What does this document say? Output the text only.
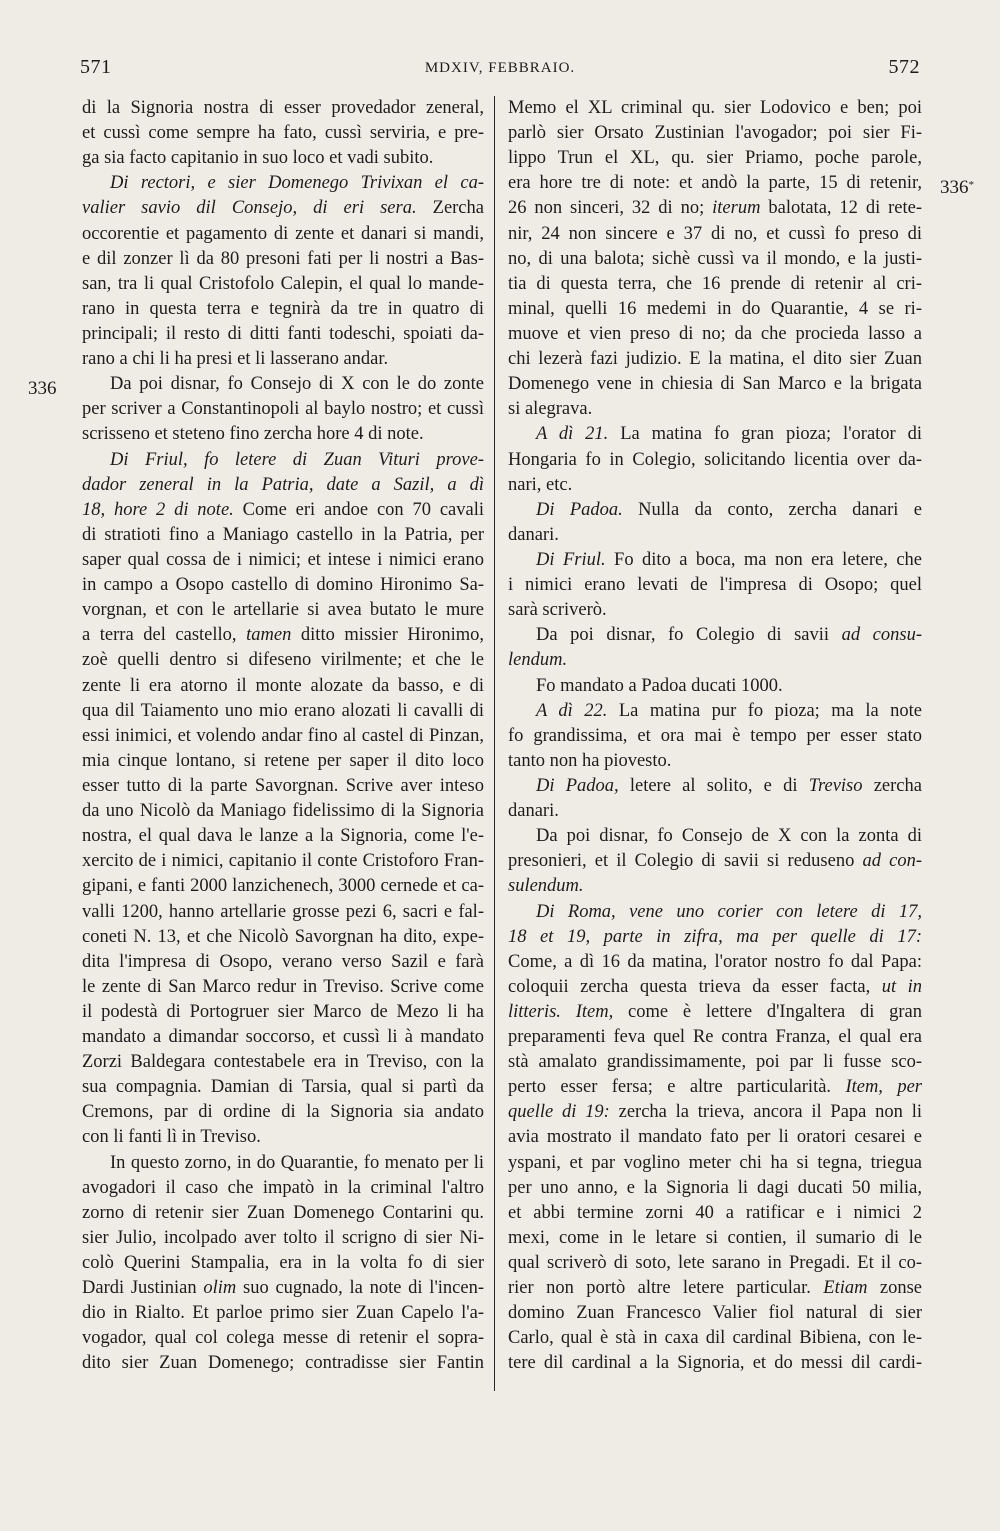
571	MDXIV, FEBBRAIO.	572
336
336*
di la Signoria nostra di esser provedador zeneral,
et cussì come sempre ha fato, cussì serviria, e pre-
ga sia facto capitanio in suo loco et vadi subito.
Di rectori, e sier Domenego Trivixan el ca-
valier savio dil Consejo, di eri sera. Zercha
occorentie et pagamento di zente et danari si mandi,
e dil zonzer lì da 80 presoni fati per li nostri a Bas-
san, tra li qual Cristofolo Calepin, el qual lo mande-
rano in questa terra e tegnirà da tre in quatro di
principali; il resto di ditti fanti todeschi, spoiati da-
rano a chi li ha presi et li lasserano andar.
Da poi disnar, fo Consejo di X con le do zonte
per scriver a Constantinopoli al baylo nostro; et cussì
scrisseno et steteno fino zercha hore 4 di note.
Di Friul, fo letere di Zuan Vituri prove-
dador zeneral in la Patria, date a Sazil, a dì
18, hore 2 di note. Come eri andoe con 70 cavali
di stratioti fino a Maniago castello in la Patria, per
saper qual cossa de i nimici; et intese i nimici erano
in campo a Osopo castello di domino Hironimo Sa-
vorgnan, et con le artellarie si avea butato le mure
a terra del castello, tamen ditto missier Hironimo,
zoè quelli dentro si difeseno virilmente; et che le
zente li era atorno il monte alozate da basso, e di
qua dil Taiamento uno mio erano alozati li cavalli di
essi inimici, et volendo andar fino al castel di Pinzan,
mia cinque lontano, si retene per saper il dito loco
esser tutto di la parte Savorgnan. Scrive aver inteso
da uno Nicolò da Maniago fidelissimo di la Signoria
nostra, el qual dava le lanze a la Signoria, come l'e-
xercito de i nimici, capitanio il conte Cristoforo Fran-
gipani, e fanti 2000 lanzichenech, 3000 cernede et ca-
valli 1200, hanno artellarie grosse pezi 6, sacri e fal-
coneti N. 13, et che Nicolò Savorgnan ha dito, expe-
dita l'impresa di Osopo, verano verso Sazil e farà
le zente di San Marco redur in Treviso. Scrive come
il podestà di Portogruer sier Marco de Mezo li ha
mandato a dimandar soccorso, et cussì li à mandato
Zorzi Baldegara contestabele era in Treviso, con la
sua compagnia. Damian di Tarsia, qual si partì da
Cremons, par di ordine di la Signoria sia andato
con li fanti lì in Treviso.
In questo zorno, in do Quarantie, fo menato per li
avogadori il caso che impatò in la criminal l'altro
zorno di retenir sier Zuan Domenego Contarini qu.
sier Julio, incolpado aver tolto il scrigno di sier Ni-
colò Querini Stampalia, era in la volta fo di sier
Dardi Justinian olim suo cugnado, la note di l'incen-
dio in Rialto. Et parloe primo sier Zuan Capelo l'a-
vogador, qual col colega messe di retenir el sopra-
dito sier Zuan Domenego; contradisse sier Fantin
Memo el XL criminal qu. sier Lodovico e ben; poi
parlò sier Orsato Zustinian l'avogador; poi sier Fi-
lippo Trun el XL, qu. sier Priamo, poche parole,
era hore tre di note: et andò la parte, 15 di retenir,
26 non sinceri, 32 di no; iterum balotata, 12 di rete-
nir, 24 non sincere e 37 di no, et cussì fo preso di
no, di una balota; sichè cussì va il mondo, e la justi-
tia di questa terra, che 16 prende di retenir al cri-
minal, quelli 16 medemi in do Quarantie, 4 se ri-
muove et vien preso di no; da che procieda lasso a
chi lezerà fazi judizio. E la matina, el dito sier Zuan
Domenego vene in chiesia di San Marco e la brigata
si alegrava.
A dì 21. La matina fo gran pioza; l'orator di
Hongaria fo in Colegio, solicitando licentia over da-
nari, etc.
Di Padoa. Nulla da conto, zercha danari e
danari.
Di Friul. Fo dito a boca, ma non era letere, che
i nimici erano levati de l'impresa di Osopo; quel
sarà scriverò.
Da poi disnar, fo Colegio di savii ad consu-
lendum.
Fo mandato a Padoa ducati 1000.
A dì 22. La matina pur fo pioza; ma la note
fo grandissima, et ora mai è tempo per esser stato
tanto non ha piovesto.
Di Padoa, letere al solito, e di Treviso zercha
danari.
Da poi disnar, fo Consejo de X con la zonta di
presonieri, et il Colegio di savii si reduseno ad con-
sulendum.
Di Roma, vene uno corier con letere di 17,
18 et 19, parte in zifra, ma per quelle di 17:
Come, a dì 16 da matina, l'orator nostro fo dal Papa:
coloquii zercha questa trieva da esser facta, ut in
litteris. Item, come è lettere d'Ingaltera di gran
preparamenti feva quel Re contra Franza, el qual era
stà amalato grandissimamente, poi par li fusse sco-
perto esser fersa; e altre particularità. Item, per
quelle di 19: zercha la trieva, ancora il Papa non li
avia mostrato il mandato fato per li oratori cesarei e
yspani, et par voglino meter chi ha si tegna, triegua
per uno anno, e la Signoria li dagi ducati 50 milia,
et abbi termine zorni 40 a ratificar e i nimici 2
mexi, come in le letare si contien, il sumario di le
qual scriverò di soto, lete sarano in Pregadi. Et il co-
rier non portò altre letere particular. Etiam zonse
domino Zuan Francesco Valier fiol natural di sier
Carlo, qual è stà in caxa dil cardinal Bibiena, con le-
tere dil cardinal a la Signoria, et do messi dil cardi-
